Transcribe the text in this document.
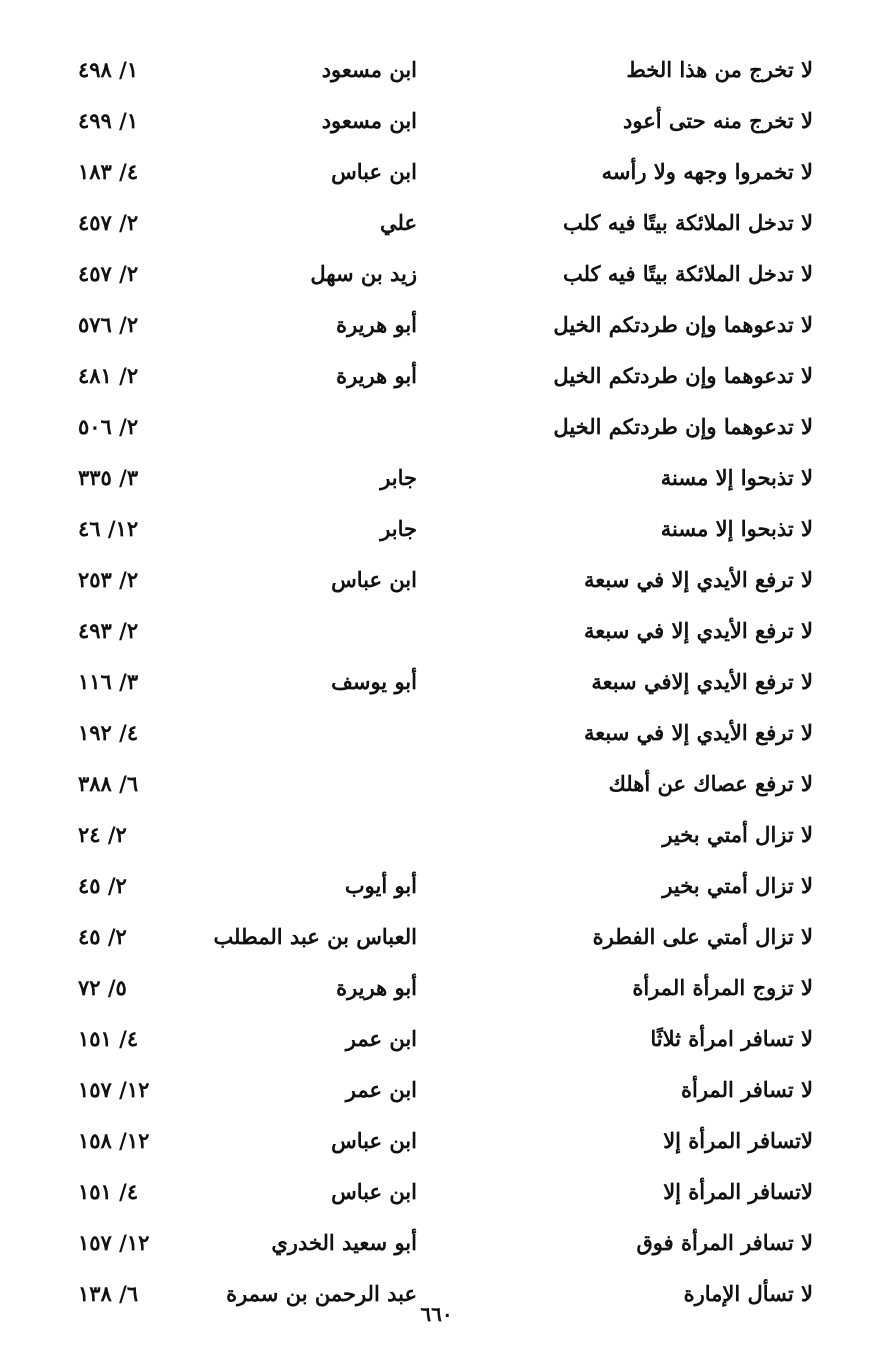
لا تخرج من هذا الخط
ابن مسعود
١/ ٤٩٨
لا تخرج منه حتى أعود
ابن مسعود
١/ ٤٩٩
لا تخمروا وجهه ولا رأسه
ابن عباس
٤/ ١٨٣
لا تدخل الملائكة بيتًا فيه كلب
علي
٢/ ٤٥٧
لا تدخل الملائكة بيتًا فيه كلب
زيد بن سهل
٢/ ٤٥٧
لا تدعوهما وإن طردتكم الخيل
أبو هريرة
٢/ ٥٧٦
لا تدعوهما وإن طردتكم الخيل
أبو هريرة
٢/ ٤٨١
لا تدعوهما وإن طردتكم الخيل
٢/ ٥٠٦
لا تذبحوا إلا مسنة
جابر
٣/ ٣٣٥
لا تذبحوا إلا مسنة
جابر
١٢/ ٤٦
لا ترفع الأيدي إلا في سبعة
ابن عباس
٢/ ٢٥٣
لا ترفع الأيدي إلا في سبعة
٢/ ٤٩٣
لا ترفع الأيدي إلافي سبعة
أبو يوسف
٣/ ١١٦
لا ترفع الأيدي إلا في سبعة
٤/ ١٩٢
لا ترفع عصاك عن أهلك
٦/ ٣٨٨
لا تزال أمتي بخير
٢/ ٢٤
لا تزال أمتي بخير
أبو أيوب
٢/ ٤٥
لا تزال أمتي على الفطرة
العباس بن عبد المطلب
٢/ ٤٥
لا تزوج المرأة المرأة
أبو هريرة
٥/ ٧٢
لا تسافر امرأة ثلاثًا
ابن عمر
٤/ ١٥١
لا تسافر المرأة
ابن عمر
١٢/ ١٥٧
لاتسافر المرأة إلا
ابن عباس
١٢/ ١٥٨
لاتسافر المرأة إلا
ابن عباس
٤/ ١٥١
لا تسافر المرأة فوق
أبو سعيد الخدري
١٢/ ١٥٧
لا تسأل الإمارة
عبد الرحمن بن سمرة
٦/ ١٣٨
٦٦٠
